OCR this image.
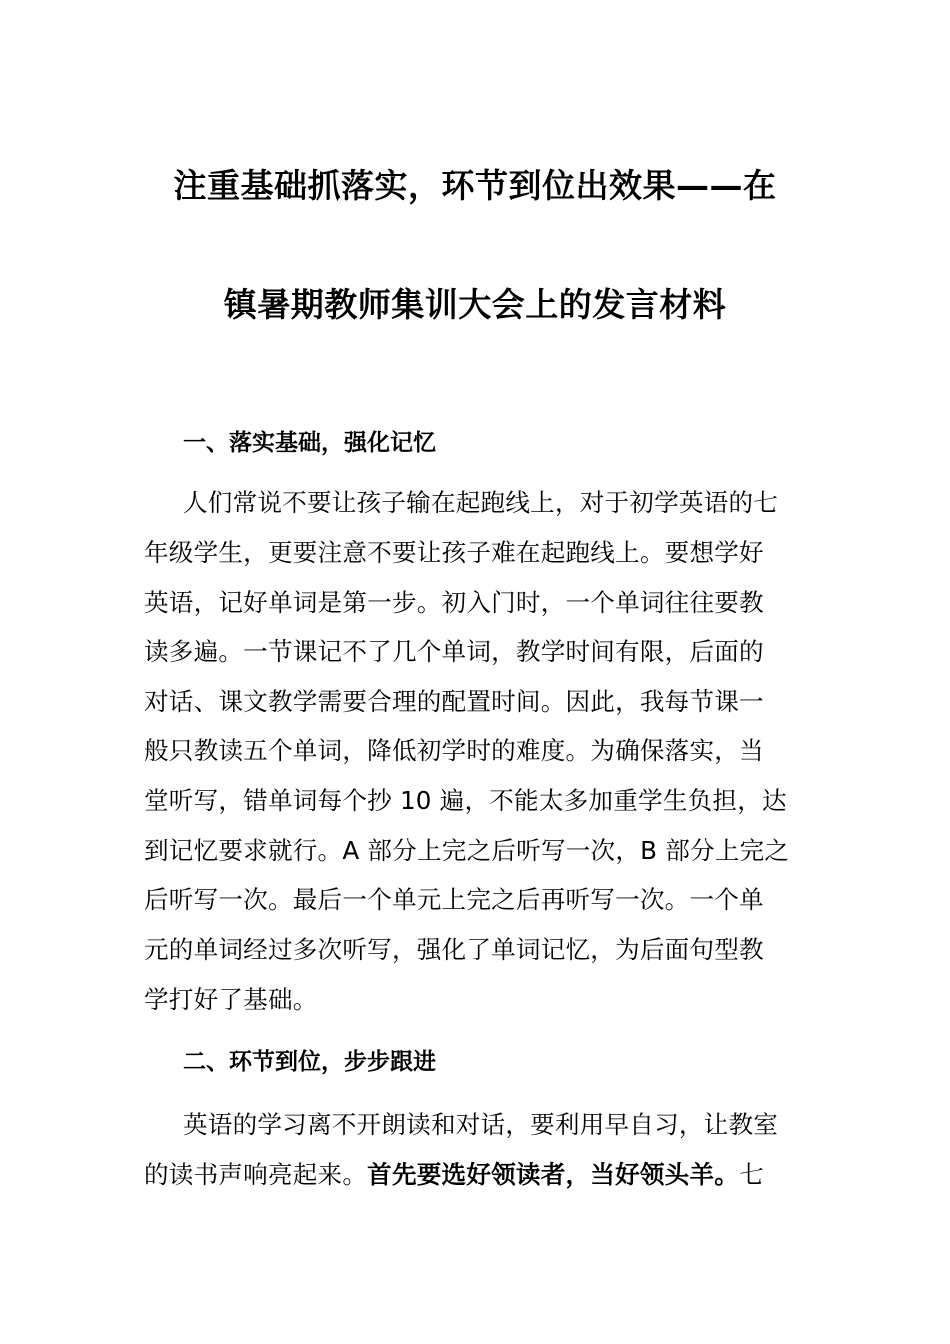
注重基础抓落实，环节到位出效果——在
镇暑期教师集训大会上的发言材料
一、落实基础，强化记忆
人们常说不要让孩子输在起跑线上，对于初学英语的七
年级学生，更要注意不要让孩子难在起跑线上。要想学好
英语，记好单词是第一步。初入门时，一个单词往往要教
读多遍。一节课记不了几个单词，教学时间有限，后面的
对话、课文教学需要合理的配置时间。因此，我每节课一
般只教读五个单词，降低初学时的难度。为确保落实，当
堂听写，错单词每个抄 10 遍，不能太多加重学生负担，达
到记忆要求就行。A 部分上完之后听写一次，B 部分上完之
后听写一次。最后一个单元上完之后再听写一次。一个单
元的单词经过多次听写，强化了单词记忆，为后面句型教
学打好了基础。
二、环节到位，步步跟进
英语的学习离不开朗读和对话，要利用早自习，让教室
的读书声响亮起来。首先要选好领读者，当好领头羊。七
